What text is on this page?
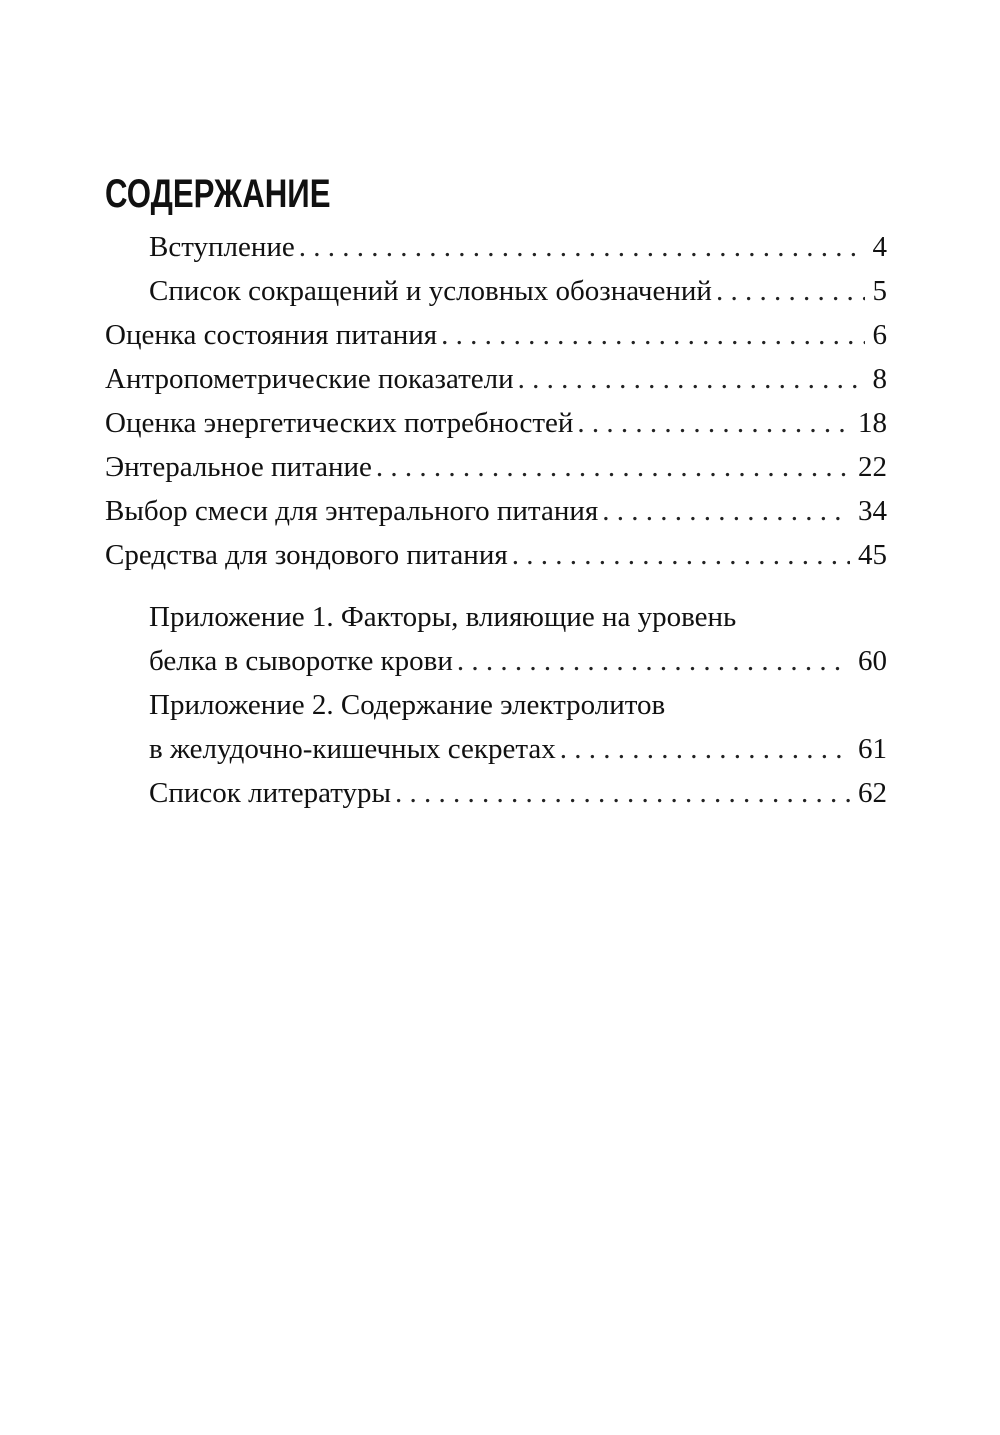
СОДЕРЖАНИЕ
Вступление . . .	4
Список сокращений и условных обозначений . . .	5
Оценка состояния питания . . .	6
Антропометрические показатели . . .	8
Оценка энергетических потребностей . . .	18
Энтеральное питание . . .	22
Выбор смеси для энтерального питания . . .	34
Средства для зондового питания . . .	45
Приложение 1. Факторы, влияющие на уровень
белка в сыворотке крови . . .	60
Приложение 2. Содержание электролитов
в желудочно-кишечных секретах . . .	61
Список литературы . . .	62
